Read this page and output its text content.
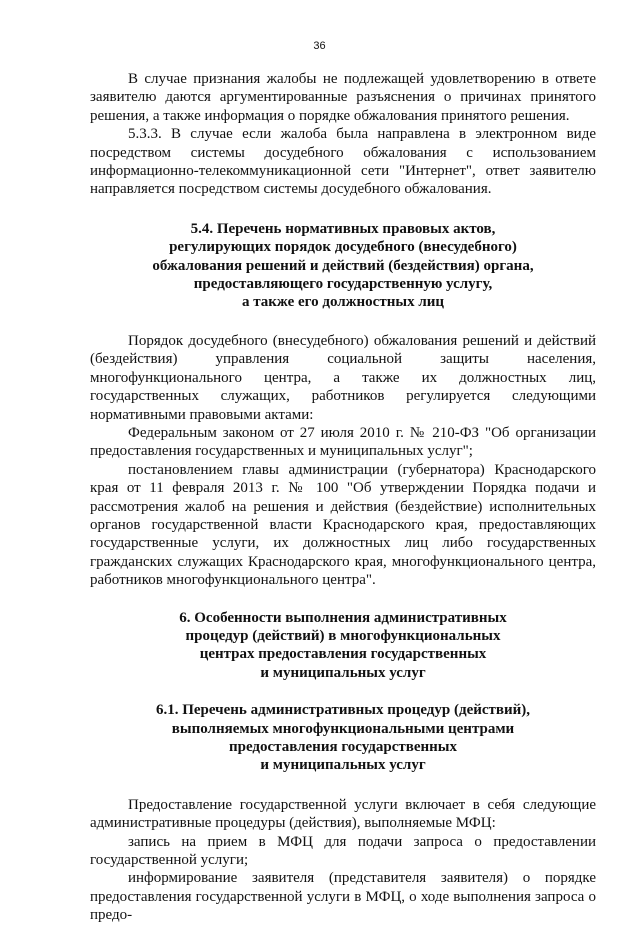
36

В случае признания жалобы не подлежащей удовлетворению в ответе заявителю даются аргументированные разъяснения о причинах принятого решения, а также информация о порядке обжалования принятого решения.

5.3.3. В случае если жалоба была направлена в электронном виде посредством системы досудебного обжалования с использованием информационно-телекоммуникационной сети "Интернет", ответ заявителю направляется посредством системы досудебного обжалования.

5.4. Перечень нормативных правовых актов,
регулирующих порядок досудебного (внесудебного)
обжалования решений и действий (бездействия) органа,
предоставляющего государственную услугу,
а также его должностных лиц

Порядок досудебного (внесудебного) обжалования решений и действий (бездействия) управления социальной защиты населения, многофункционального центра, а также их должностных лиц, государственных служащих, работников регулируется следующими нормативными правовыми актами:

Федеральным законом от 27 июля 2010 г. № 210-ФЗ "Об организации предоставления государственных и муниципальных услуг";

постановлением главы администрации (губернатора) Краснодарского края от 11 февраля 2013 г. № 100 "Об утверждении Порядка подачи и рассмотрения жалоб на решения и действия (бездействие) исполнительных органов государственной власти Краснодарского края, предоставляющих государственные услуги, их должностных лиц либо государственных гражданских служащих Краснодарского края, многофункционального центра, работников многофункционального центра".

6. Особенности выполнения административных
процедур (действий) в многофункциональных
центрах предоставления государственных
и муниципальных услуг
6.1. Перечень административных процедур (действий),
выполняемых многофункциональными центрами
предоставления государственных
и муниципальных услуг

Предоставление государственной услуги включает в себя следующие административные процедуры (действия), выполняемые МФЦ:

запись на прием в МФЦ для подачи запроса о предоставлении государственной услуги;

информирование заявителя (представителя заявителя) о порядке предоставления государственной услуги в МФЦ, о ходе выполнения запроса о предо-
